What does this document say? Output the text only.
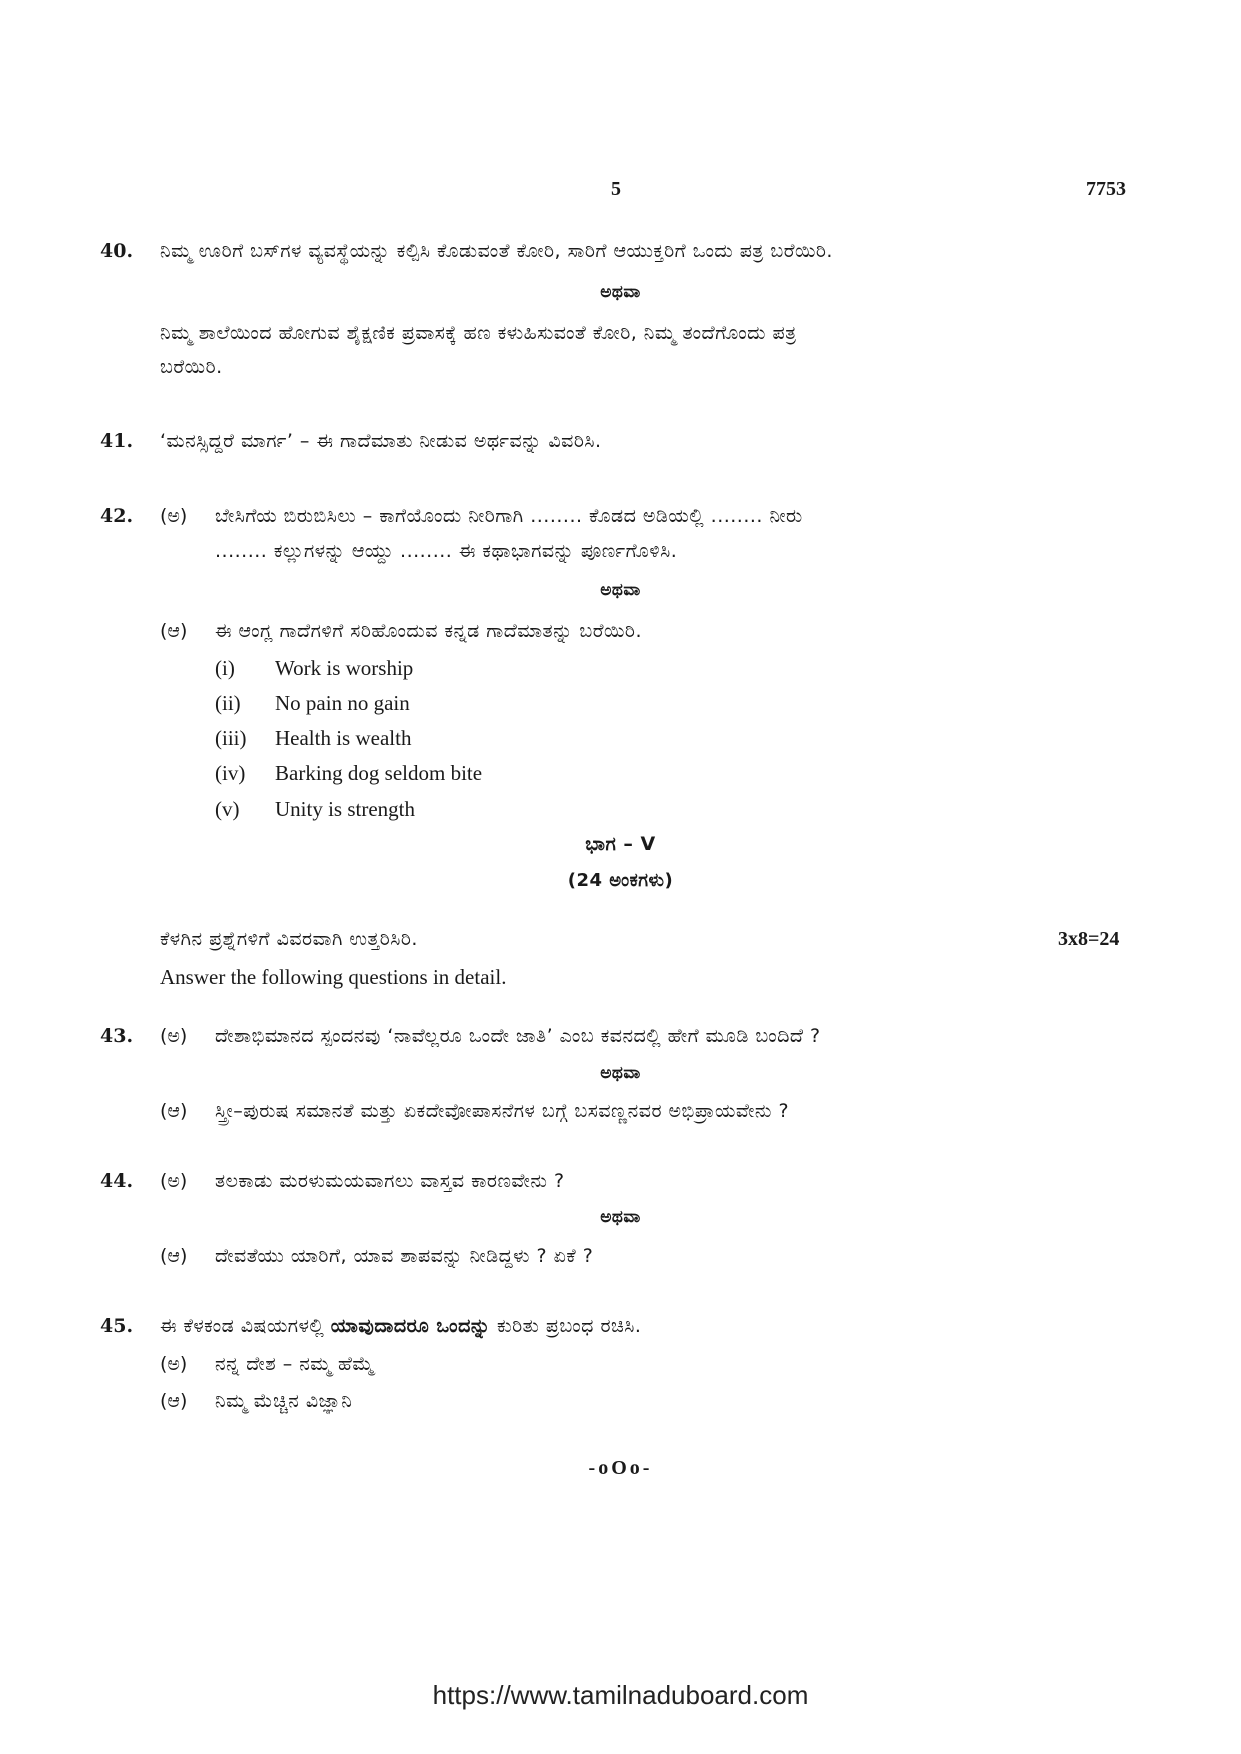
5	7753
40. ನಿಮ್ಮ ಊರಿಗೆ ಬಸ್‌ಗಳ ವ್ಯವಸ್ಥೆಯನ್ನು ಕಲ್ಪಿಸಿ ಕೊಡುವಂತೆ ಕೋರಿ, ಸಾರಿಗೆ ಆಯುಕ್ತರಿಗೆ ಒಂದು ಪತ್ರ ಬರೆಯಿರಿ.
ಅಥವಾ
ನಿಮ್ಮ ಶಾಲೆಯಿಂದ ಹೋಗುವ ಶೈಕ್ಷಣಿಕ ಪ್ರವಾಸಕ್ಕೆ ಹಣ ಕಳುಹಿಸುವಂತೆ ಕೋರಿ, ನಿಮ್ಮ ತಂದೆಗೊಂದು ಪತ್ರ
ಬರೆಯಿರಿ.
41. ‘ಮನಸ್ಸಿದ್ದರೆ ಮಾರ್ಗ’ – ಈ ಗಾದೆಮಾತು ನೀಡುವ ಅರ್ಥವನ್ನು ವಿವರಿಸಿ.
42. (ಅ) ಬೇಸಿಗೆಯ ಬಿರುಬಿಸಿಲು – ಕಾಗೆಯೊಂದು ನೀರಿಗಾಗಿ ........ ಕೊಡದ ಅಡಿಯಲ್ಲಿ ........ ನೀರು
........ ಕಲ್ಲುಗಳನ್ನು ಆಯ್ದು ........ ಈ ಕಥಾಭಾಗವನ್ನು ಪೂರ್ಣಗೊಳಿಸಿ.
ಅಥವಾ
(ಆ) ಈ ಆಂಗ್ಲ ಗಾದೆಗಳಿಗೆ ಸರಿಹೊಂದುವ ಕನ್ನಡ ಗಾದೆಮಾತನ್ನು ಬರೆಯಿರಿ.
(i) Work is worship
(ii) No pain no gain
(iii) Health is wealth
(iv) Barking dog seldom bite
(v) Unity is strength
ಭಾಗ – V
(24 ಅಂಕಗಳು)
ಕೆಳಗಿನ ಪ್ರಶ್ನೆಗಳಿಗೆ ವಿವರವಾಗಿ ಉತ್ತರಿಸಿರಿ.	3x8=24
Answer the following questions in detail.
43. (ಅ) ದೇಶಾಭಿಮಾನದ ಸ್ಪಂದನವು ‘ನಾವೆಲ್ಲರೂ ಒಂದೇ ಜಾತಿ’ ಎಂಬ ಕವನದಲ್ಲಿ ಹೇಗೆ ಮೂಡಿ ಬಂದಿದೆ ?
ಅಥವಾ
(ಆ) ಸ್ತ್ರೀ–ಪುರುಷ ಸಮಾನತೆ ಮತ್ತು ಏಕದೇವೋಪಾಸನೆಗಳ ಬಗ್ಗೆ ಬಸವಣ್ಣನವರ ಅಭಿಪ್ರಾಯವೇನು ?
44. (ಅ) ತಲಕಾಡು ಮರಳುಮಯವಾಗಲು ವಾಸ್ತವ ಕಾರಣವೇನು ?
ಅಥವಾ
(ಆ) ದೇವತೆಯು ಯಾರಿಗೆ, ಯಾವ ಶಾಪವನ್ನು ನೀಡಿದ್ದಳು ? ಏಕೆ ?
45. ಈ ಕೆಳಕಂಡ ವಿಷಯಗಳಲ್ಲಿ ಯಾವುದಾದರೂ ಒಂದನ್ನು ಕುರಿತು ಪ್ರಬಂಧ ರಚಿಸಿ.
(ಅ) ನನ್ನ ದೇಶ – ನಮ್ಮ ಹೆಮ್ಮೆ
(ಆ) ನಿಮ್ಮ ಮೆಚ್ಚಿನ ವಿಜ್ಞಾನಿ
-oOo-
https://www.tamilnaduboard.com
